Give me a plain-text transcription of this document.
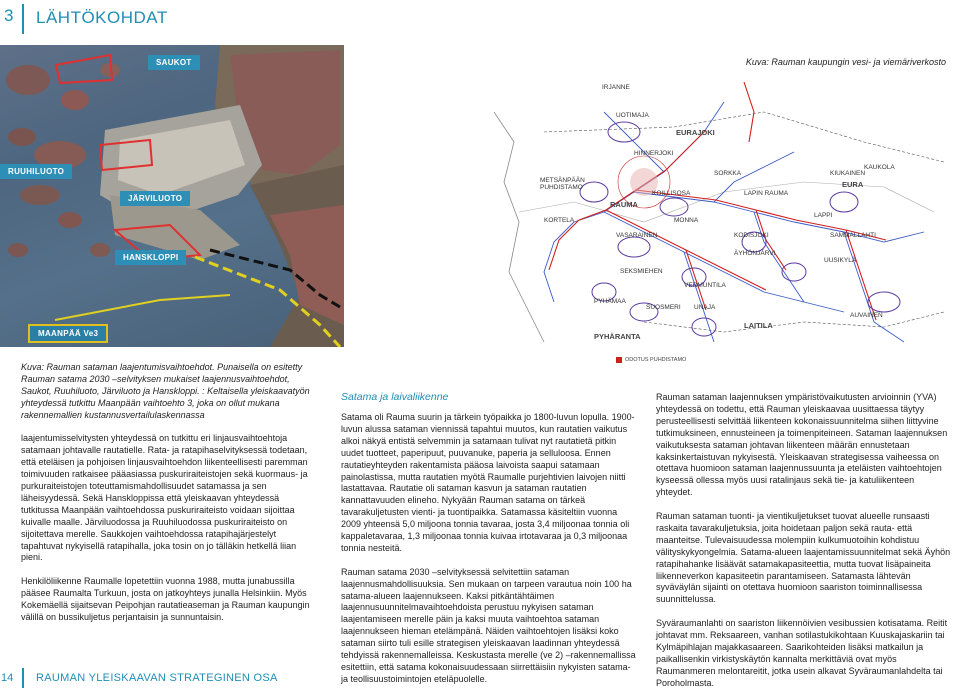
3 LÄHTÖKOHDAT
Kuva: Rauman kaupungin vesi- ja viemäriverkosto
SAUKOT
RUUHILUOTO
JÄRVILUOTO
HANSKLOPPI
MAANPÄÄ Ve3
RAUMA
EURAJOKI
EURA
LAITILA
PYHÄRANTA
IRJANNE
METSÄNPÄÄN
PUHDISTAMO
KORTELA
KOILLISOSA
UOTIMAJA
HINNERJOKI
LAPIN RAUMA
SORKKA	KIUKAINEN
LAPPI
KODISJOKI
VASARAINEN
MONNA
SEKSMIEHEN
SAMMALLAHTI
UUSIKYLÄ
KAUKOLA
AUVAINEN
VERMUNTILA
SUOSMERI UNAJA
PYHÄMAA
ÄYHÖNJÄRVI
ODOTUS PUHDISTAMO

Kuva: Rauman sataman laajentumisvaihtoehdot. Punaisella on esitetty Rauman satama 2030 –selvityksen mukaiset laajennusvaihtoehdot, Saukot, Ruuhiluoto, Järviluoto ja Hanskloppi. : Keltaisella yleiskaavatyön yhteydessä tutkittu Maanpään vaihtoehto 3, joka on ollut mukana rakennemallien kustannusvertailulaskennassa

laajentumisselvitysten yhteydessä on tutkittu eri linjausvaihtoehtoja satamaan johtavalle rautatielle. Rata- ja ratapihaselvityksessä todetaan, että eteläisen ja pohjoisen linjausvaihtoehdon liikenteellisesti paremman toimivuuden ratkaisee pääasiassa puskuriraiteistojen sekä kuormaus- ja purkuraiteistojen toteuttamismahdollisuudet satamassa ja sen läheisyydessä. Sekä Hanskloppissa että yleiskaavan yhteydessä tutkitussa Maanpään vaihtoehdossa puskuriraiteisto voidaan sijoittaa kuivalle maalle. Järviluodossa ja Ruuhiluodossa puskuriraiteisto on sijoitettava merelle. Saukkojen vaihtoehdossa ratapihajärjestelyt tapahtuvat nykyisellä ratapihalla, joka tosin on jo tälläkin hetkellä liian pieni.

Henkilöliikenne Raumalle lopetettiin vuonna 1988, mutta junabussilla pääsee Raumalta Turkuun, josta on jatkoyhteys junalla Helsinkiin. Myös Kokemäellä sijaitsevan Peipohjan rautatieaseman ja Rauman kaupungin välillä on bussikuljetus perjantaisin ja sunnuntaisin.

Satama ja laivaliikenne

Satama oli Rauma suurin ja tärkein työpaikka jo 1800-luvun lopulla. 1900-luvun alussa sataman viennissä tapahtui muutos, kun rautatien vaikutus alkoi näkyä entistä selvemmin ja satamaan tulivat nyt rautatietä pitkin uudet tuotteet, paperipuut, puuvanuke, paperia ja selluloosa. Ennen rautatieyhteyden rakentamista pääosa laivoista saapui satamaan painolastissa, mutta rautatien myötä Raumalle purjehtivien laivojen niitti lastattavaa. Rautatie oli sataman kasvun ja sataman rautatien kannattavuuden elineho. Nykyään Rauman satama on tärkeä tavarakuljetusten vienti- ja tuontipaikka. Satamassa käsiteltiin vuonna 2009 yhteensä 5,0 miljoona tonnia tavaraa, josta 3,4 miljoonaa tonnia oli kappaletavaraa, 1,3 miljoonaa tonnia kuivaa irtotavaraa ja 0,3 miljoonaa tonnia nesteitä.

Rauman satama 2030 –selvityksessä selvitettiin sataman laajennusmahdollisuuksia. Sen mukaan on tarpeen varautua noin 100 ha satama-alueen laajennukseen. Kaksi pitkäntähtäimen laajennusuunnitelmavaihtoehdoista perustuu nykyisen sataman laajentamiseen merelle päin ja kaksi muuta vaihtoehtoa sataman laajennukseen hieman etelämpänä. Näiden vaihtoehtojen lisäksi koko sataman siirto tuli esille strategisen yleiskaavan laadinnan yhteydessä tehdyissä rakennemalleissa. Keskustasta merelle (ve 2) –rakennemallissa esitettiin, että satama kokonaisuudessaan siirrettäisiin nykyisten satama- ja teollisuustoimintojen eteläpuolelle.

Rauman sataman laajennuksen ympäristövaikutusten arvioinnin (YVA) yhteydessä on todettu, että Rauman yleiskaavaa uusittaessa täytyy perusteellisesti selvittää liikenteen kokonaissuunnitelma siihen liittyvine tutkimuksineen, ennusteineen ja toimenpiteineen. Sataman laajennuksen vaikutuksesta sataman johtavan liikenteen määrän ennustetaan kaksinkertaistuvan nykyisestä. Yleiskaavan strategisessa vaiheessa on otettava huomioon sataman laajennussuunta ja eteläisten vaihtoehtojen kyseessä ollessa myös uusi ratalinjaus sekä tie- ja katuliikenteen yhteydet.

Rauman sataman tuonti- ja vientikuljetukset tuovat alueelle runsaasti raskaita tavarakuljetuksia, joita hoidetaan paljon sekä rauta- että maanteitse. Tulevaisuudessa molempiin kulkumuotoihin kohdistuu välityskykyongelmia. Satama-alueen laajentamissuunnitelmat sekä Äyhön ratapihahanke lisäävät satamakapasiteettia, mutta tuovat lisäpaineita liikenneverkon kapasiteetin parantamiseen. Satamasta lähtevän syväväylän sijainti on otettava huomioon saariston toiminnallisessa suunnittelussa.

Syväraumanlahti on saariston liikennöivien vesibussien kotisatama. Reitit johtavat mm. Reksaareen, vanhan sotilastukikohtaan Kuuskajaskariin tai Kylmäpihlajan majakkasaareen. Saarikohteiden lisäksi matkailun ja paikallisenkin virkistyskäytön kannalta merkittäviä ovat myös Raumanmeren melontareitit, jotka usein alkavat Syväraumanlahdelta tai Poroholmasta.

14 RAUMAN YLEISKAAVAN STRATEGINEN OSA
